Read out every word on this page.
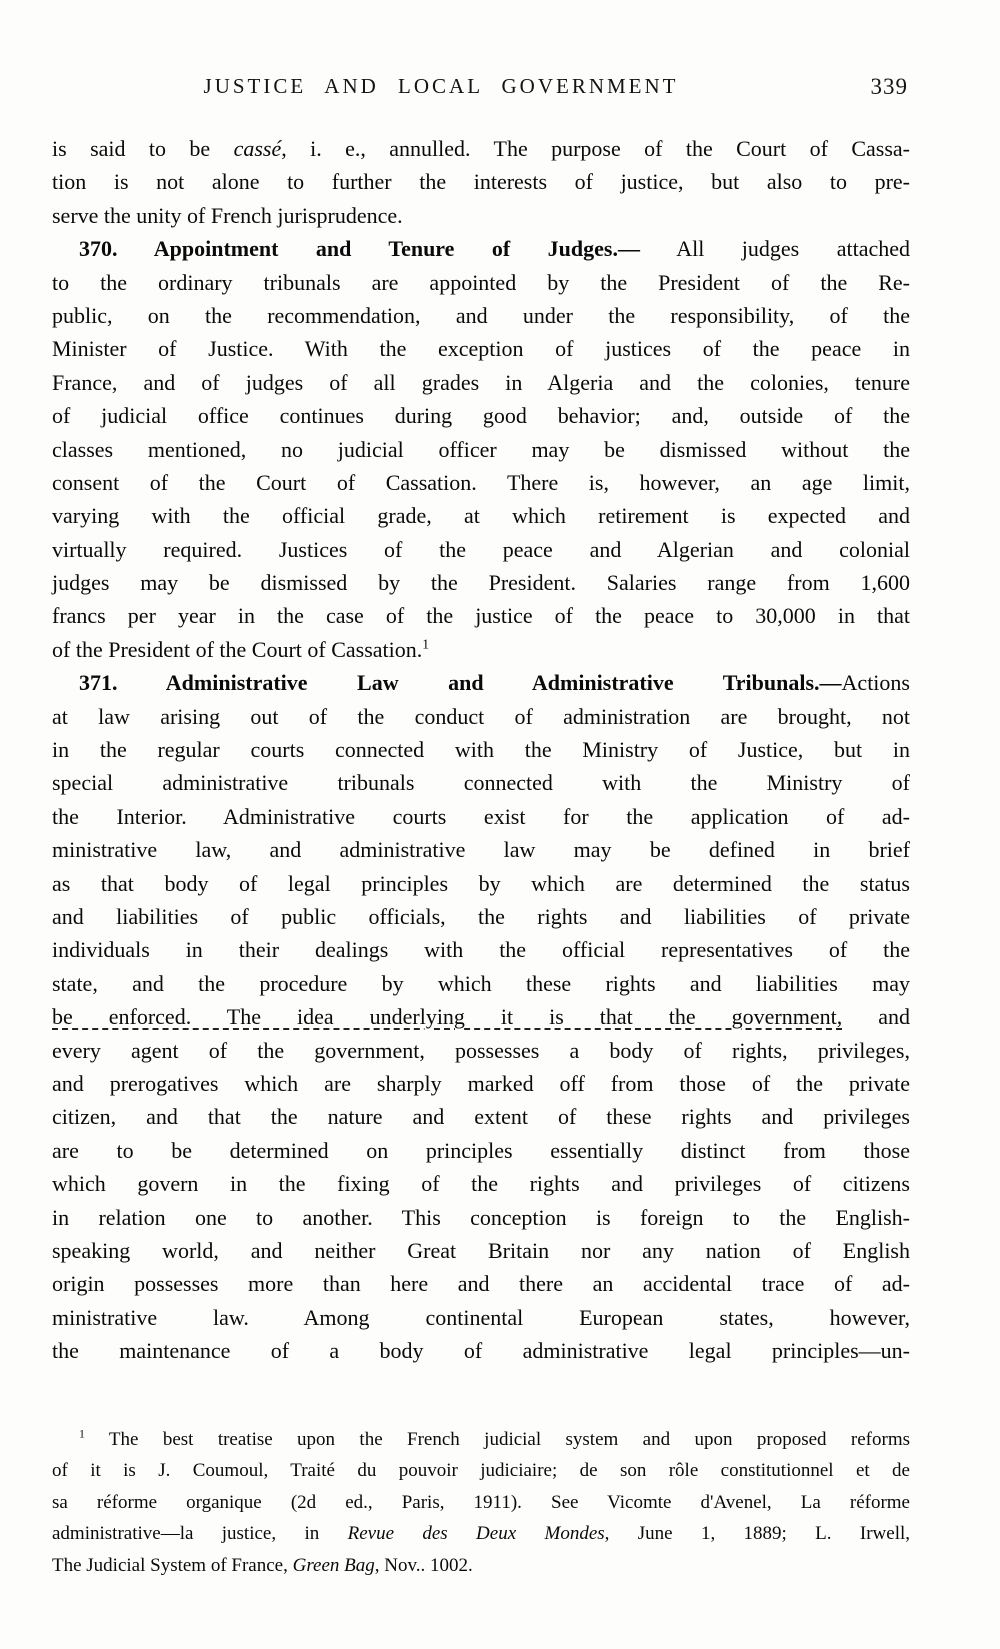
JUSTICE AND LOCAL GOVERNMENT	339
is said to be cassé, i. e., annulled. The purpose of the Court of Cassa-
tion is not alone to further the interests of justice, but also to pre-
serve the unity of French jurisprudence.
370. Appointment and Tenure of Judges.— All judges attached
to the ordinary tribunals are appointed by the President of the Re-
public, on the recommendation, and under the responsibility, of the
Minister of Justice. With the exception of justices of the peace in
France, and of judges of all grades in Algeria and the colonies, tenure
of judicial office continues during good behavior; and, outside of the
classes mentioned, no judicial officer may be dismissed without the
consent of the Court of Cassation. There is, however, an age limit,
varying with the official grade, at which retirement is expected and
virtually required. Justices of the peace and Algerian and colonial
judges may be dismissed by the President. Salaries range from 1,600
francs per year in the case of the justice of the peace to 30,000 in that
of the President of the Court of Cassation.$^1$
371. Administrative Law and Administrative Tribunals.—Actions
at law arising out of the conduct of administration are brought, not
in the regular courts connected with the Ministry of Justice, but in
special administrative tribunals connected with the Ministry of
the Interior. Administrative courts exist for the application of ad-
ministrative law, and administrative law may be defined in brief
as that body of legal principles by which are determined the status
and liabilities of public officials, the rights and liabilities of private
individuals in their dealings with the official representatives of the
state, and the procedure by which these rights and liabilities may
be enforced. The idea underlying it is that the government, and
every agent of the government, possesses a body of rights, privileges,
and prerogatives which are sharply marked off from those of the private
citizen, and that the nature and extent of these rights and privileges
are to be determined on principles essentially distinct from those
which govern in the fixing of the rights and privileges of citizens
in relation one to another. This conception is foreign to the English-
speaking world, and neither Great Britain nor any nation of English
origin possesses more than here and there an accidental trace of ad-
ministrative law. Among continental European states, however,
the maintenance of a body of administrative legal principles—un-
$^1$ The best treatise upon the French judicial system and upon proposed reforms
of it is J. Coumoul, Traité du pouvoir judiciaire; de son rôle constitutionnel et de
sa réforme organique (2d ed., Paris, 1911). See Vicomte d'Avenel, La réforme
administrative—la justice, in Revue des Deux Mondes, June 1, 1889; L. Irwell,
The Judicial System of France, Green Bag, Nov.. 1002.
